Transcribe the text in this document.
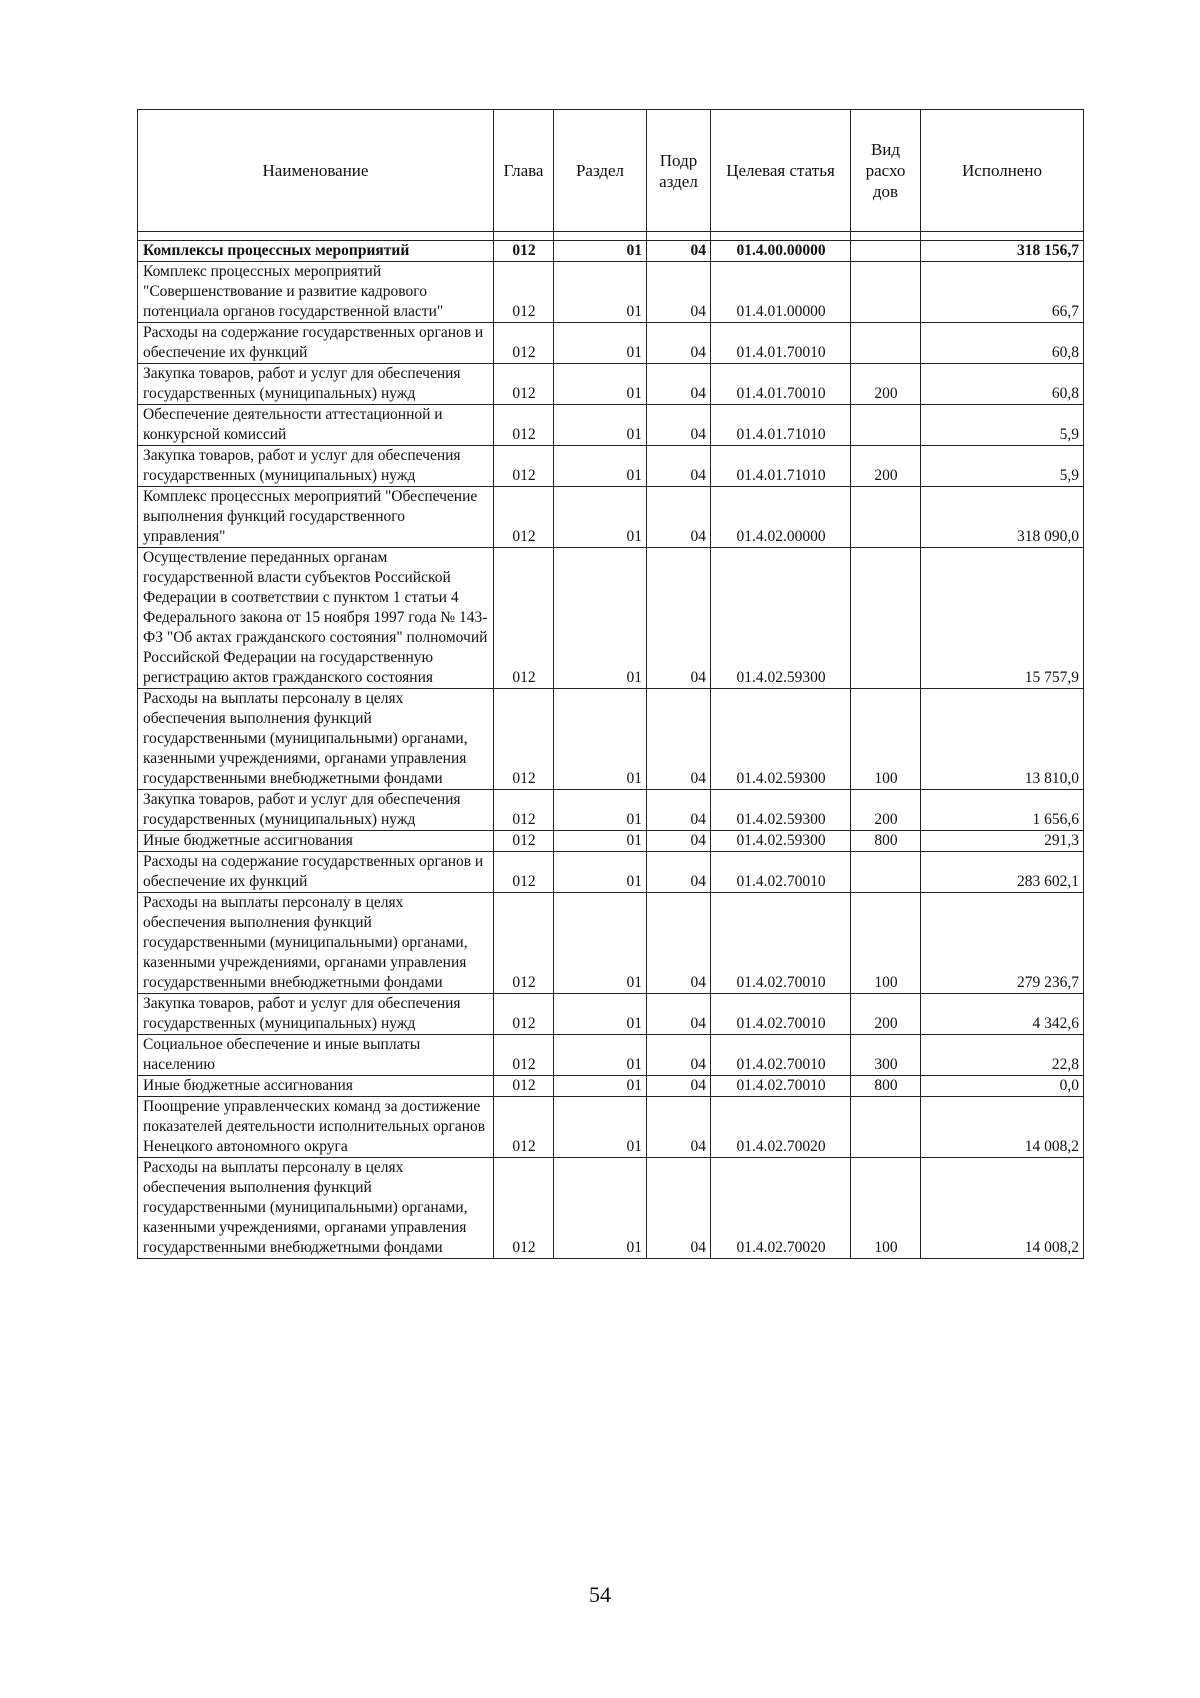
Наименование	Глава	Раздел	Подр аздел	Целевая статья	Вид расхо дов	Исполнено

Комплексы процессных мероприятий	012	01	04	01.4.00.00000		318 156,7
Комплекс процессных мероприятий "Совершенствование и развитие кадрового потенциала органов государственной власти"	012	01	04	01.4.01.00000		66,7
Расходы на содержание государственных органов и обеспечение их функций	012	01	04	01.4.01.70010		60,8
Закупка товаров, работ и услуг для обеспечения государственных (муниципальных) нужд	012	01	04	01.4.01.70010	200	60,8
Обеспечение деятельности аттестационной и конкурсной комиссий	012	01	04	01.4.01.71010		5,9
Закупка товаров, работ и услуг для обеспечения государственных (муниципальных) нужд	012	01	04	01.4.01.71010	200	5,9
Комплекс процессных мероприятий "Обеспечение выполнения функций государственного управления"	012	01	04	01.4.02.00000		318 090,0
Осуществление переданных органам государственной власти субъектов Российской Федерации в соответствии с пунктом 1 статьи 4 Федерального закона от 15 ноября 1997 года № 143-ФЗ "Об актах гражданского состояния" полномочий Российской Федерации на государственную регистрацию актов гражданского состояния	012	01	04	01.4.02.59300		15 757,9
Расходы на выплаты персоналу в целях обеспечения выполнения функций государственными (муниципальными) органами, казенными учреждениями, органами управления государственными внебюджетными фондами	012	01	04	01.4.02.59300	100	13 810,0
Закупка товаров, работ и услуг для обеспечения государственных (муниципальных) нужд	012	01	04	01.4.02.59300	200	1 656,6
Иные бюджетные ассигнования	012	01	04	01.4.02.59300	800	291,3
Расходы на содержание государственных органов и обеспечение их функций	012	01	04	01.4.02.70010		283 602,1
Расходы на выплаты персоналу в целях обеспечения выполнения функций государственными (муниципальными) органами, казенными учреждениями, органами управления государственными внебюджетными фондами	012	01	04	01.4.02.70010	100	279 236,7
Закупка товаров, работ и услуг для обеспечения государственных (муниципальных) нужд	012	01	04	01.4.02.70010	200	4 342,6
Социальное обеспечение и иные выплаты населению	012	01	04	01.4.02.70010	300	22,8
Иные бюджетные ассигнования	012	01	04	01.4.02.70010	800	0,0
Поощрение управленческих команд за достижение показателей деятельности исполнительных органов Ненецкого автономного округа	012	01	04	01.4.02.70020		14 008,2
Расходы на выплаты персоналу в целях обеспечения выполнения функций государственными (муниципальными) органами, казенными учреждениями, органами управления государственными внебюджетными фондами	012	01	04	01.4.02.70020	100	14 008,2
54
